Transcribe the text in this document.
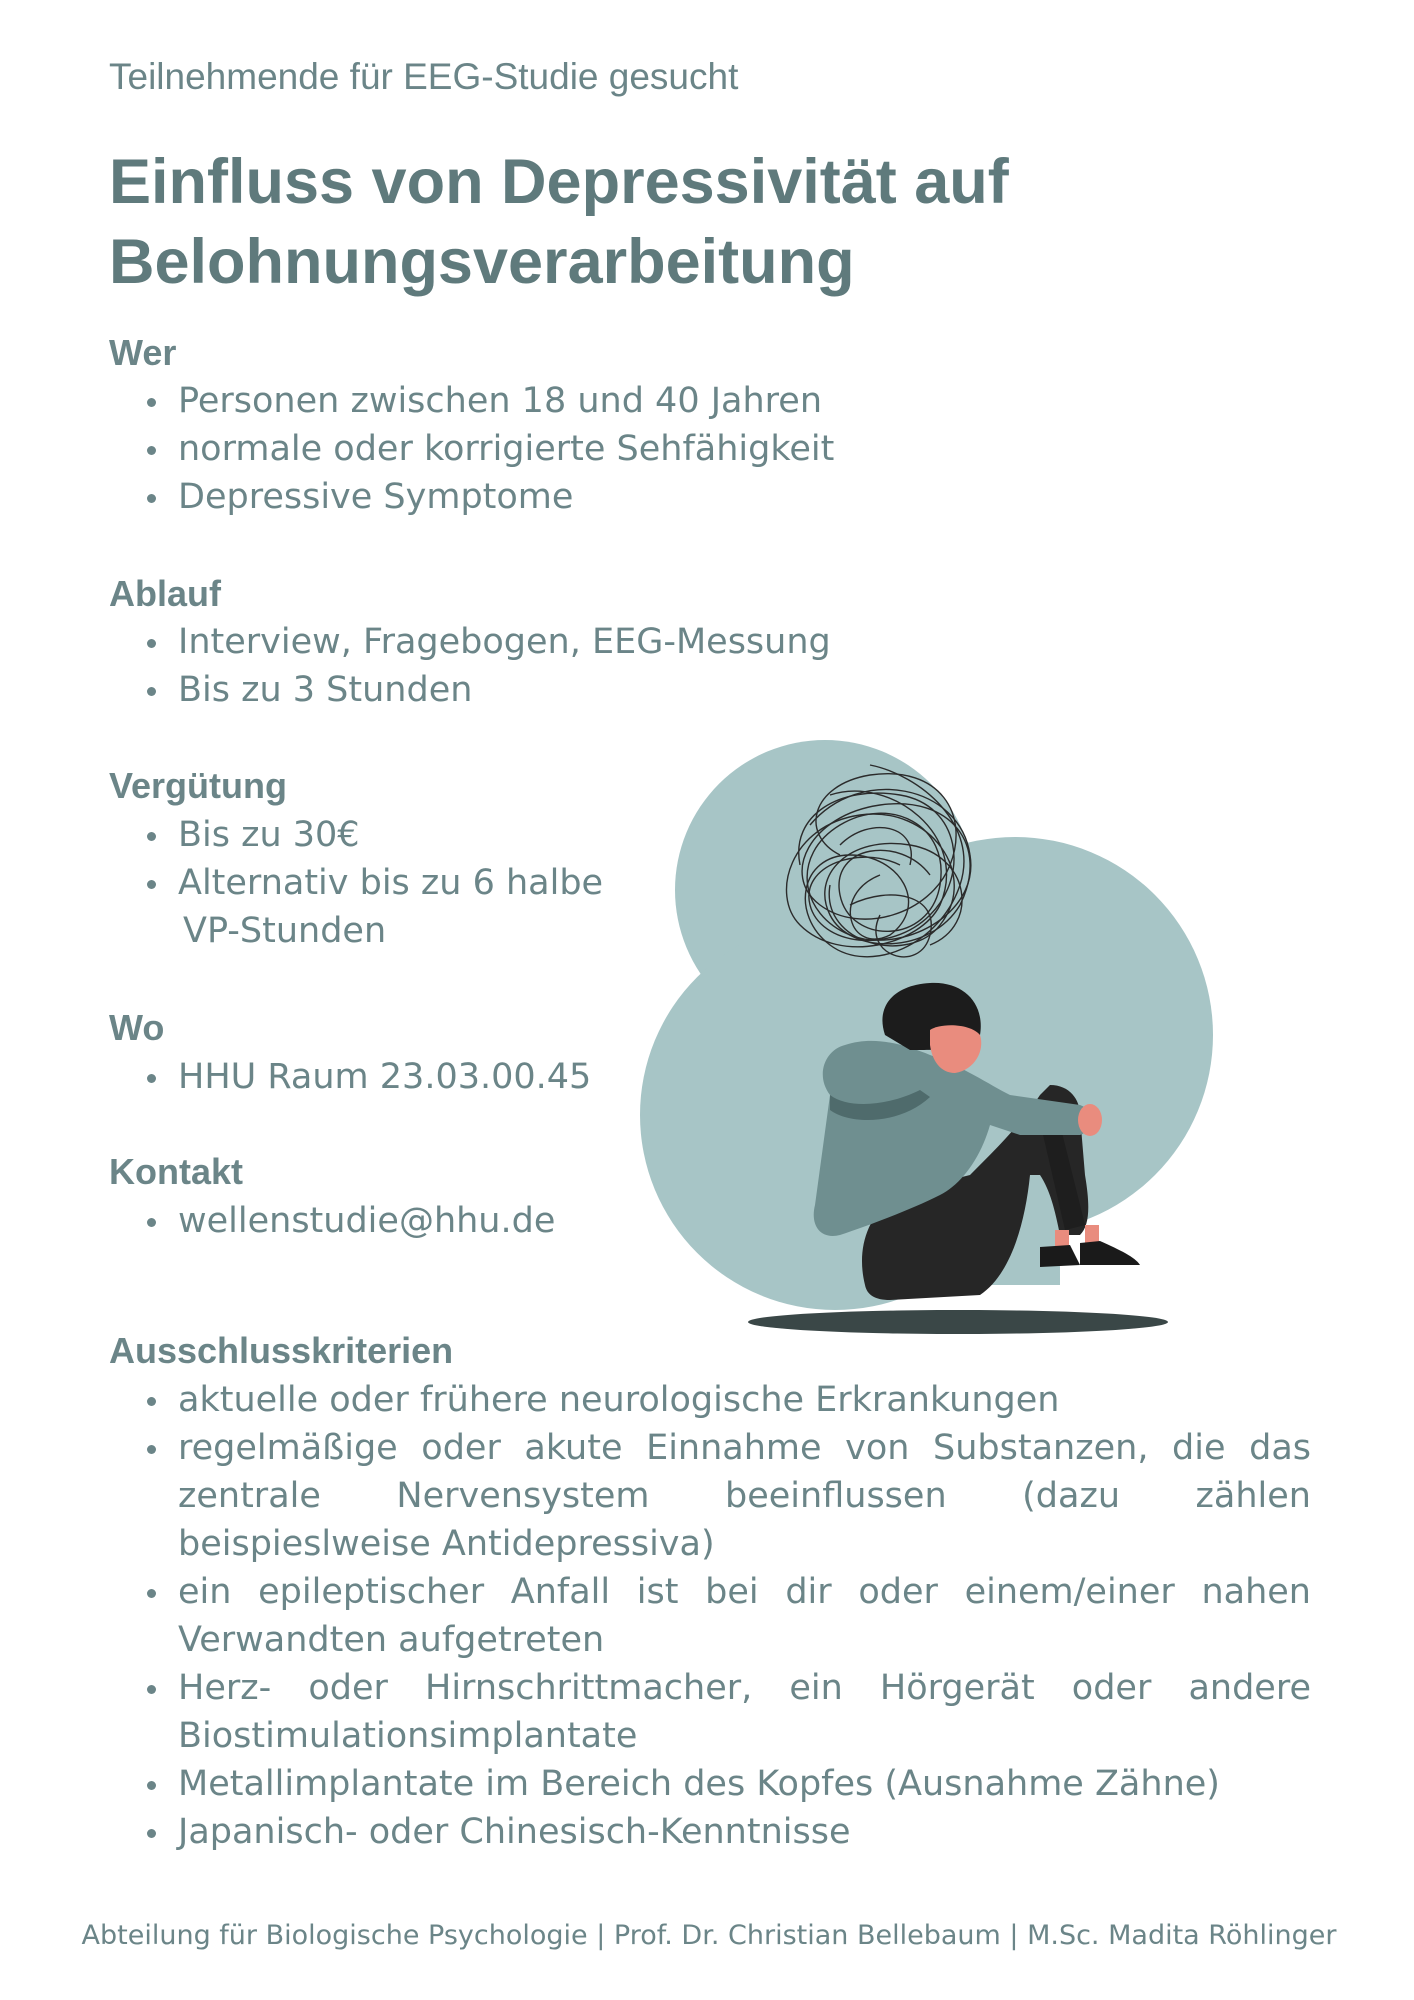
Teilnehmende für EEG-Studie gesucht
Einfluss von Depressivität auf
Belohnungsverarbeitung
Wer
Personen zwischen 18 und 40 Jahren
normale oder korrigierte Sehfähigkeit
Depressive Symptome
Ablauf
Interview, Fragebogen, EEG-Messung
Bis zu 3 Stunden
Vergütung
Bis zu 30€
Alternativ bis zu 6 halbe
VP-Stunden
Wo
HHU Raum 23.03.00.45
Kontakt
wellenstudie@hhu.de
Ausschlusskriterien
aktuelle oder frühere neurologische Erkrankungen
regelmäßige oder akute Einnahme von Substanzen, die das zentrale Nervensystem beeinflussen (dazu zählen beispieslweise Antidepressiva)
ein epileptischer Anfall ist bei dir oder einem/einer nahen Verwandten aufgetreten
Herz- oder Hirnschrittmacher, ein Hörgerät oder andere Biostimulationsimplantate
Metallimplantate im Bereich des Kopfes (Ausnahme Zähne)
Japanisch- oder Chinesisch-Kenntnisse
Abteilung für Biologische Psychologie | Prof. Dr. Christian Bellebaum | M.Sc. Madita Röhlinger
